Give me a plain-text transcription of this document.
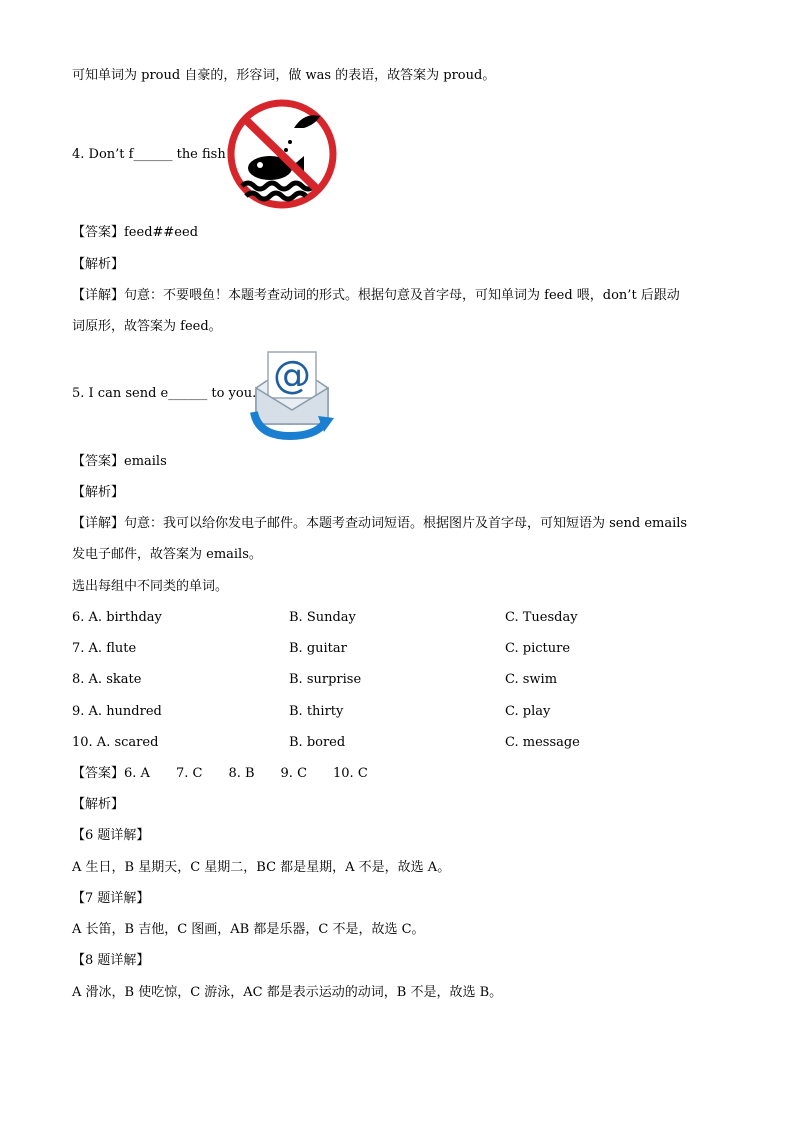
可知单词为 proud 自豪的，形容词，做 was 的表语，故答案为 proud。
4. Don’t f______ the fish!
【答案】feed##eed
【解析】
【详解】句意：不要喂鱼！本题考查动词的形式。根据句意及首字母，可知单词为 feed 喂，don’t 后跟动
词原形，故答案为 feed。
5. I can send e______ to you. @
【答案】emails
【解析】
【详解】句意：我可以给你发电子邮件。本题考查动词短语。根据图片及首字母，可知短语为 send emails
发电子邮件，故答案为 emails。
选出每组中不同类的单词。
6. A. birthday	B. Sunday	C. Tuesday
7. A. flute	B. guitar	C. picture
8. A. skate	B. surprise	C. swim
9. A. hundred	B. thirty	C. play
10. A. scared	B. bored	C. message
【答案】6. A 7. C 8. B 9. C 10. C
【解析】
【6 题详解】
A 生日，B 星期天，C 星期二，BC 都是星期，A 不是，故选 A。
【7 题详解】
A 长笛，B 吉他，C 图画，AB 都是乐器，C 不是，故选 C。
【8 题详解】
A 滑冰，B 使吃惊，C 游泳，AC 都是表示运动的动词，B 不是，故选 B。
